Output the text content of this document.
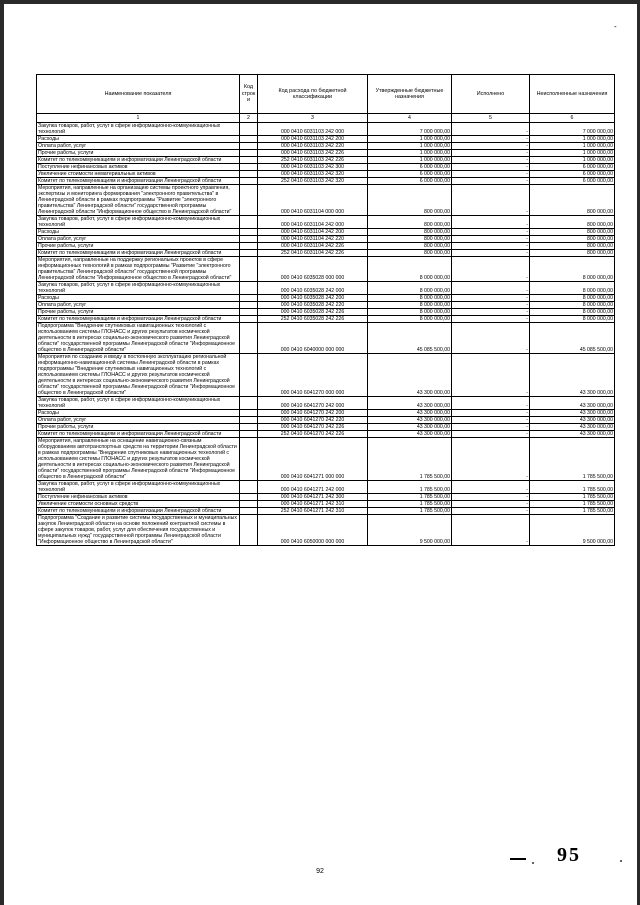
-
Наименование показателя	Код строк и	Код расхода по бюджетной классификации	Утвержденные бюджетные назначения	Исполнено	Неисполненные назначения
1	2	3	4	5	6
Закупка товаров, работ, услуг в сфере информационно-коммуникационных технологий		000 0410 6031103 242 000	7 000 000,00	-	7 000 000,00
Расходы		000 0410 6031103 242 200	1 000 000,00	-	1 000 000,00
Оплата работ, услуг		000 0410 6031103 242 220	1 000 000,00	-	1 000 000,00
Прочие работы, услуги		000 0410 6031103 242 226	1 000 000,00	-	1 000 000,00
Комитет по телекоммуникациям и информатизации Ленинградской области		252 0410 6031103 242 226	1 000 000,00	-	1 000 000,00
Поступление нефинансовых активов		000 0410 6031103 242 300	6 000 000,00	-	6 000 000,00
Увеличение стоимости нематериальных активов		000 0410 6031103 242 320	6 000 000,00	-	6 000 000,00
Комитет по телекоммуникациям и информатизации Ленинградской области		252 0410 6031103 242 320	6 000 000,00	-	6 000 000,00
Мероприятия, направленные на организацию системы проектного управления, экспертизы и мониторинга формирования "электронного правительства" в Ленинградской области в рамках подпрограммы "Развитие "электронного правительства" Ленинградской области" государственной программы Ленинградской области "Информационное общество в Ленинградской области"		000 0410 6031104 000 000	800 000,00	-	800 000,00
Закупка товаров, работ, услуг в сфере информационно-коммуникационных технологий		000 0410 6031104 242 000	800 000,00	-	800 000,00
Расходы		000 0410 6031104 242 200	800 000,00	-	800 000,00
Оплата работ, услуг		000 0410 6031104 242 220	800 000,00	-	800 000,00
Прочие работы, услуги		000 0410 6031104 242 226	800 000,00	-	800 000,00
Комитет по телекоммуникациям и информатизации Ленинградской области		252 0410 6031104 242 226	800 000,00	-	800 000,00
Мероприятия, направленные на поддержку региональных проектов в сфере информационных технологий в рамках подпрограммы "Развитие "электронного правительства" Ленинградской области" государственной программы Ленинградской области "Информационное общество в Ленинградской области"		000 0410 6035028 000 000	8 000 000,00	-	8 000 000,00
Закупка товаров, работ, услуг в сфере информационно-коммуникационных технологий		000 0410 6035028 242 000	8 000 000,00	-	8 000 000,00
Расходы		000 0410 6035028 242 200	8 000 000,00	-	8 000 000,00
Оплата работ, услуг		000 0410 6035028 242 220	8 000 000,00	-	8 000 000,00
Прочие работы, услуги		000 0410 6035028 242 226	8 000 000,00	-	8 000 000,00
Комитет по телекоммуникациям и информатизации Ленинградской области		252 0410 6035028 242 226	8 000 000,00	-	8 000 000,00
Подпрограмма "Внедрение спутниковых навигационных технологий с использованием системы ГЛОНАСС и других результатов космической деятельности в интересах социально-экономического развития Ленинградской области" государственной программы Ленинградской области "Информационное общество в Ленинградской области"		000 0410 6040000 000 000	45 085 500,00	-	45 085 500,00
Мероприятия по созданию и вводу в постоянную эксплуатацию региональной информационно-навигационной системы Ленинградской области в рамках подпрограммы "Внедрение спутниковых навигационных технологий с использованием системы ГЛОНАСС и других результатов космической деятельности в интересах социально-экономического развития Ленинградской области" государственной программы Ленинградской области "Информационное общество в Ленинградской области"		000 0410 6041270 000 000	43 300 000,00	-	43 300 000,00
Закупка товаров, работ, услуг в сфере информационно-коммуникационных технологий		000 0410 6041270 242 000	43 300 000,00	-	43 300 000,00
Расходы		000 0410 6041270 242 200	43 300 000,00	-	43 300 000,00
Оплата работ, услуг		000 0410 6041270 242 220	43 300 000,00	-	43 300 000,00
Прочие работы, услуги		000 0410 6041270 242 226	43 300 000,00	-	43 300 000,00
Комитет по телекоммуникациям и информатизации Ленинградской области		252 0410 6041270 242 226	43 300 000,00	-	43 300 000,00
Мероприятия, направленные на оснащение навигационно-связным оборудованием автотранспортных средств на территории Ленинградской области в рамках подпрограммы "Внедрение спутниковых навигационных технологий с использованием системы ГЛОНАСС и других результатов космической деятельности в интересах социально-экономического развития Ленинградской области" государственной программы Ленинградской области "Информационное общество в Ленинградской области"		000 0410 6041271 000 000	1 785 500,00	-	1 785 500,00
Закупка товаров, работ, услуг в сфере информационно-коммуникационных технологий		000 0410 6041271 242 000	1 785 500,00	-	1 785 500,00
Поступление нефинансовых активов		000 0410 6041271 242 300	1 785 500,00	-	1 785 500,00
Увеличение стоимости основных средств		000 0410 6041271 242 310	1 785 500,00	-	1 785 500,00
Комитет по телекоммуникациям и информатизации Ленинградской области		252 0410 6041271 242 310	1 785 500,00	-	1 785 500,00
Подпрограмма "Создание и развитие системы государственных и муниципальных закупок Ленинградской области на основе положений контрактной системы в сфере закупок товаров, работ, услуг для обеспечения государственных и муниципальных нужд" государственной программы Ленинградской области "Информационное общество в Ленинградской области"		000 0410 6050000 000 000	9 500 000,00	-	9 500 000,00
95
92
